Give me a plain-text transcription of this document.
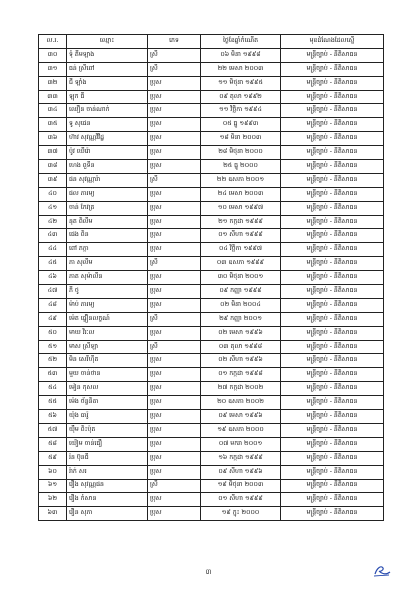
ល.រ.	ឈ្មោះ	ភេទ	ថ្ងៃខែឆ្នាំកំណើត	មុខដំណែងដែលស្នើ
៣០	ទុំ គីមឡាង	ស្រី	០៦ មិនា ១៩៩៨	មន្ត្រីច្បាប់ - នីតិសាធន
៣១	ធន់ ស្រីពៅ	ស្រី	២២ មេសា ២០០៣	មន្ត្រីច្បាប់ - នីតិសាធន
៣២	ជី ឡាំង	ប្រុស	១១ មិថុនា ១៩៩៥	មន្ត្រីច្បាប់ - នីតិសាធន
៣៣	ឡុក ធី	ប្រុស	០៩ តុលា ១៩៩២	មន្ត្រីច្បាប់ - នីតិសាធន
៣៤	ឈឿន ចាន់ណាក់	ប្រុស	១១ វិច្ឆិកា ១៩៩៤	មន្ត្រីច្បាប់ - នីតិសាធន
៣៥	ទូ សុផេន	ប្រុស	០៥ ធ្នូ ១៩៩៣	មន្ត្រីច្បាប់ - នីតិសាធន
៣៦	ហ៊ាវ សុវណ្ណវិវិដ្ឋ	ប្រុស	១៨ មិនា ២០០៣	មន្ត្រីច្បាប់ - នីតិសាធន
៣៧	ប៉ូវ ឃើរ៉ោ	ប្រុស	២៨ មិថុនា ២០០០	មន្ត្រីច្បាប់ - នីតិសាធន
៣៨	ហេង ពួទីន	ប្រុស	២៥ ធ្នូ ២០០០	មន្ត្រីច្បាប់ - នីតិសាធន
៣៩	ផន សុវណ្ណារ៉ា	ស្រី	២២ ឧសភា ២០០១	មន្ត្រីច្បាប់ - នីតិសាធន
៤០	ផល ភារម្យ	ប្រុស	២៤ មេសា ២០០៣	មន្ត្រីច្បាប់ - នីតិសាធន
៤១	ចាន់ កែវត្រ	ប្រុស	១០ មេសា ១៩៩៧	មន្ត្រីច្បាប់ - នីតិសាធន
៤២	នុត ពិលីម	ប្រុស	២១ កក្កដា ១៩៩៩	មន្ត្រីច្បាប់ - នីតិសាធន
៤៣	ផេង ពិន	ប្រុស	០១ សីហា ១៩៩៩	មន្ត្រីច្បាប់ - នីតិសាធន
៤៤	ពៅ ភក្តា	ប្រុស	០៤ វិច្ឆិកា ១៩៩៧	មន្ត្រីច្បាប់ - នីតិសាធន
៤៥	ភា សុលីម	ស្រី	០៣ ឧសភា ១៩៩៩	មន្ត្រីច្បាប់ - នីតិសាធន
៤៦	ភាត សុម៉ាលីន	ប្រុស	៣០ មិថុនា ២០០១	មន្ត្រីច្បាប់ - នីតិសាធន
៤៧	ភី ថូ	ប្រុស	០៩ កញ្ញា ១៩៩៩	មន្ត្រីច្បាប់ - នីតិសាធន
៤៨	ម៉ាប់ ភារម្យ	ប្រុស	០២ មិនា ២០០៤	មន្ត្រីច្បាប់ - នីតិសាធន
៤៩	ម៉េត ផ្ទឿនលក្ខណ៍	ស្រី	២៩ កញ្ញា ២០០១	មន្ត្រីច្បាប់ - នីតិសាធន
៥០	មាឃ វិរៈល	ប្រុស	០២ មេសា ១៩៩៦	មន្ត្រីច្បាប់ - នីតិសាធន
៥១	មាស ស្រីឡា	ស្រី	០៣ តុលា ១៩៩៨	មន្ត្រីច្បាប់ - នីតិសាធន
៥២	មិន សេរីហ៊ីត	ប្រុស	០២ សីហា ១៩៩៦	មន្ត្រីច្បាប់ - នីតិសាធន
៥៣	មួយ ចាន់ថាន	ប្រុស	០១ កក្កដា ១៩៩៨	មន្ត្រីច្បាប់ - នីតិសាធន
៥៤	មៀន កុសល	ប្រុស	២៧ កក្កដា ២០០២	មន្ត្រីច្បាប់ - នីតិសាធន
៥៥	ម៉េង ច័ន្ទនិតា	ប្រុស	២០ ឧសភា ២០០២	មន្ត្រីច្បាប់ - នីតិសាធន
៥៦	យ៉ុង ធារ៉ូ	ប្រុស	០៩ មេសា ១៩៩៦	មន្ត្រីច្បាប់ - នីតិសាធន
៥៧	យ៉ឹម ពិះប៉ុត	ប្រុស	១៩ ឧសភា ២០០០	មន្ត្រីច្បាប់ - នីតិសាធន
៥៨	យ៉ៀម ចាន់ធឿ	ប្រុស	០៧ មករា ២០០១	មន្ត្រីច្បាប់ - នីតិសាធន
៥៩	រ៉ន ប៊ុនធី	ប្រុស	១៦ កក្កដា ១៩៩៩	មន្ត្រីច្បាប់ - នីតិសាធន
៦០	រ៉ាក់ សរ	ប្រុស	០៩ សីហា ១៩៩៦	មន្ត្រីច្បាប់ - នីតិសាធន
៦១	រឿង សុវណ្ណផន	ស្រី	១៩ មិថុនា ២០០៣	មន្ត្រីច្បាប់ - នីតិសាធន
៦២	រឿង កំសាន	ប្រុស	០១ សីហា ១៩៩៩	មន្ត្រីច្បាប់ - នីតិសាធន
៦៣	រឿន សុភា	ប្រុស	១៩ ក្នុះ ២០០០	មន្ត្រីច្បាប់ - នីតិសាធន
៣
